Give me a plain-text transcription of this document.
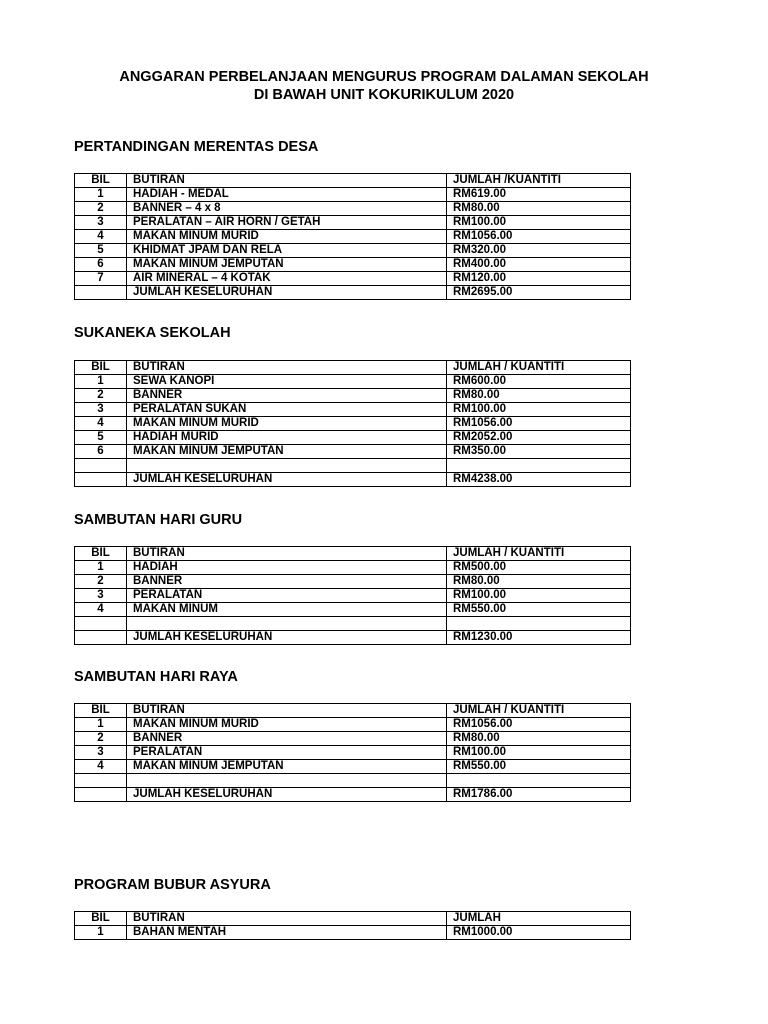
ANGGARAN PERBELANJAAN MENGURUS PROGRAM DALAMAN SEKOLAH
DI BAWAH UNIT KOKURIKULUM 2020
PERTANDINGAN MERENTAS DESA
BIL	BUTIRAN	JUMLAH /KUANTITI
1	HADIAH - MEDAL	RM619.00
2	BANNER – 4 x 8	RM80.00
3	PERALATAN – AIR HORN / GETAH	RM100.00
4	MAKAN MINUM MURID	RM1056.00
5	KHIDMAT JPAM DAN RELA	RM320.00
6	MAKAN MINUM JEMPUTAN	RM400.00
7	AIR MINERAL – 4 KOTAK	RM120.00
	JUMLAH KESELURUHAN	RM2695.00
SUKANEKA SEKOLAH
BIL	BUTIRAN	JUMLAH / KUANTITI
1	SEWA KANOPI	RM600.00
2	BANNER	RM80.00
3	PERALATAN SUKAN	RM100.00
4	MAKAN MINUM MURID	RM1056.00
5	HADIAH MURID	RM2052.00
6	MAKAN MINUM JEMPUTAN	RM350.00

	JUMLAH KESELURUHAN	RM4238.00
SAMBUTAN HARI GURU
BIL	BUTIRAN	JUMLAH / KUANTITI
1	HADIAH	RM500.00
2	BANNER	RM80.00
3	PERALATAN	RM100.00
4	MAKAN MINUM	RM550.00

	JUMLAH KESELURUHAN	RM1230.00
SAMBUTAN HARI RAYA
BIL	BUTIRAN	JUMLAH / KUANTITI
1	MAKAN MINUM MURID	RM1056.00
2	BANNER	RM80.00
3	PERALATAN	RM100.00
4	MAKAN MINUM JEMPUTAN	RM550.00

	JUMLAH KESELURUHAN	RM1786.00
PROGRAM BUBUR ASYURA
BIL	BUTIRAN	JUMLAH
1	BAHAN MENTAH	RM1000.00
